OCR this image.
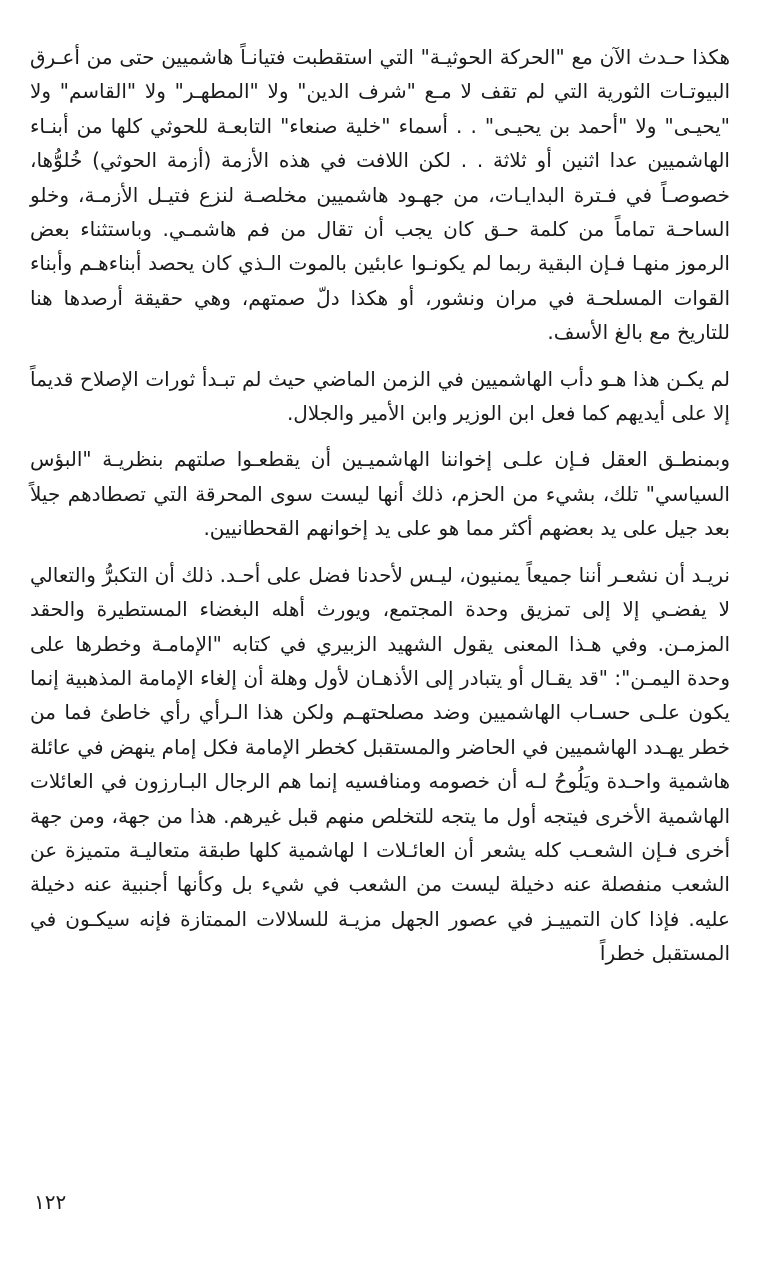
هكذا حـدث الآن مع "الحركة الحوثيـة" التي استقطبت فتيانـاً هاشميين حتى من أعـرق البيوتـات الثورية التي لم تقف لا مـع "شرف الدين" ولا "المطهـر" ولا "القاسم" ولا "يحيـى" ولا "أحمد بن يحيـى" . . أسماء "خلية صنعاء" التابعـة للحوثي كلها من أبنـاء الهاشميين عدا اثنين أو ثلاثة . . لكن اللافت في هذه الأزمة (أزمة الحوثي) خُلوُّها، خصوصـاً في فـترة البدايـات، من جهـود هاشميين مخلصـة لنزع فتيـل الأزمـة، وخلو الساحـة تماماً من كلمة حـق كان يجب أن تقال من فم هاشمـي. وباستثناء بعض الرموز منهـا فـإن البقية ربما لم يكونـوا عابئين بالموت الـذي كان يحصد أبناءهـم وأبناء القوات المسلحـة في مران ونشور، أو هكذا دلّ صمتهم، وهي حقيقة أرصدها هنا للتاريخ مع بالغ الأسف.

لم يكـن هذا هـو دأب الهاشميين في الزمن الماضي حيث لم تبـدأ ثورات الإصلاح قديماً إلا على أيديهم كما فعل ابن الوزير وابن الأمير والجلال.

وبمنطـق العقل فـإن علـى إخواننا الهاشميـين أن يقطعـوا صلتهم بنظريـة "البؤس السياسي" تلك، بشيء من الحزم، ذلك أنها ليست سوى المحرقة التي تصطادهم جيلاً بعد جيل على يد بعضهم أكثر مما هو على يد إخوانهم القحطانيين.

نريـد أن نشعـر أننا جميعاً يمنيون، ليـس لأحدنا فضل على أحـد. ذلك أن التكبرُّ والتعالي لا يفضـي إلا إلى تمزيق وحدة المجتمع، ويورث أهله البغضاء المستطيرة والحقد المزمـن. وفي هـذا المعنى يقول الشهيد الزبيري في كتابه "الإمامـة وخطرها على وحدة اليمـن": "قد يقـال أو يتبادر إلى الأذهـان لأول وهلة أن إلغاء الإمامة المذهبية إنما يكون علـى حسـاب الهاشميين وضد مصلحتهـم ولكن هذا الـرأي رأي خاطئ فما من خطر يهـدد الهاشميين في الحاضر والمستقبل كخطر الإمامة فكل إمام ينهض في عائلة هاشمية واحـدة ويَلُوحُ لـه أن خصومه ومنافسيه إنما هم الرجال البـارزون في العائلات الهاشمية الأخرى فيتجه أول ما يتجه للتخلص منهم قبل غيرهم. هذا من جهة، ومن جهة أخرى فـإن الشعـب كله يشعر أن العائـلات ا لهاشمية كلها طبقة متعاليـة متميزة عن الشعب منفصلة عنه دخيلة ليست من الشعب في شيء بل وكأنها أجنبية عنه دخيلة عليه. فإذا كان التمييـز في عصور الجهل مزيـة للسلالات الممتازة فإنه سيكـون في المستقبل خطراً

١٢٢
